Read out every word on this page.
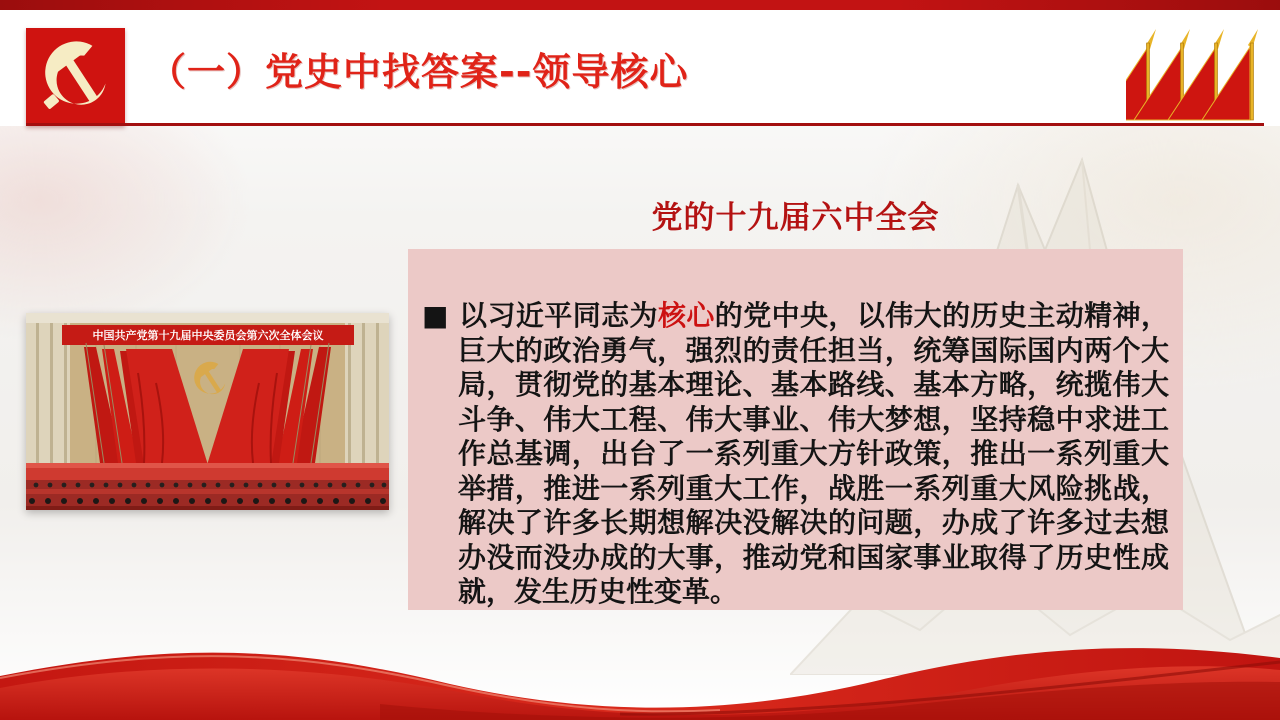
（一）党史中找答案--领导核心
中国共产党第十九届中央委员会第六次全体会议
党的十九届六中全会

■ 以习近平同志为核心的党中央，以伟大的历史主动精神，巨大的政治勇气，强烈的责任担当，统筹国际国内两个大局，贯彻党的基本理论、基本路线、基本方略，统揽伟大斗争、伟大工程、伟大事业、伟大梦想，坚持稳中求进工作总基调，出台了一系列重大方针政策，推出一系列重大举措，推进一系列重大工作，战胜一系列重大风险挑战，解决了许多长期想解决没解决的问题，办成了许多过去想办没而没办成的大事，推动党和国家事业取得了历史性成就，发生历史性变革。
